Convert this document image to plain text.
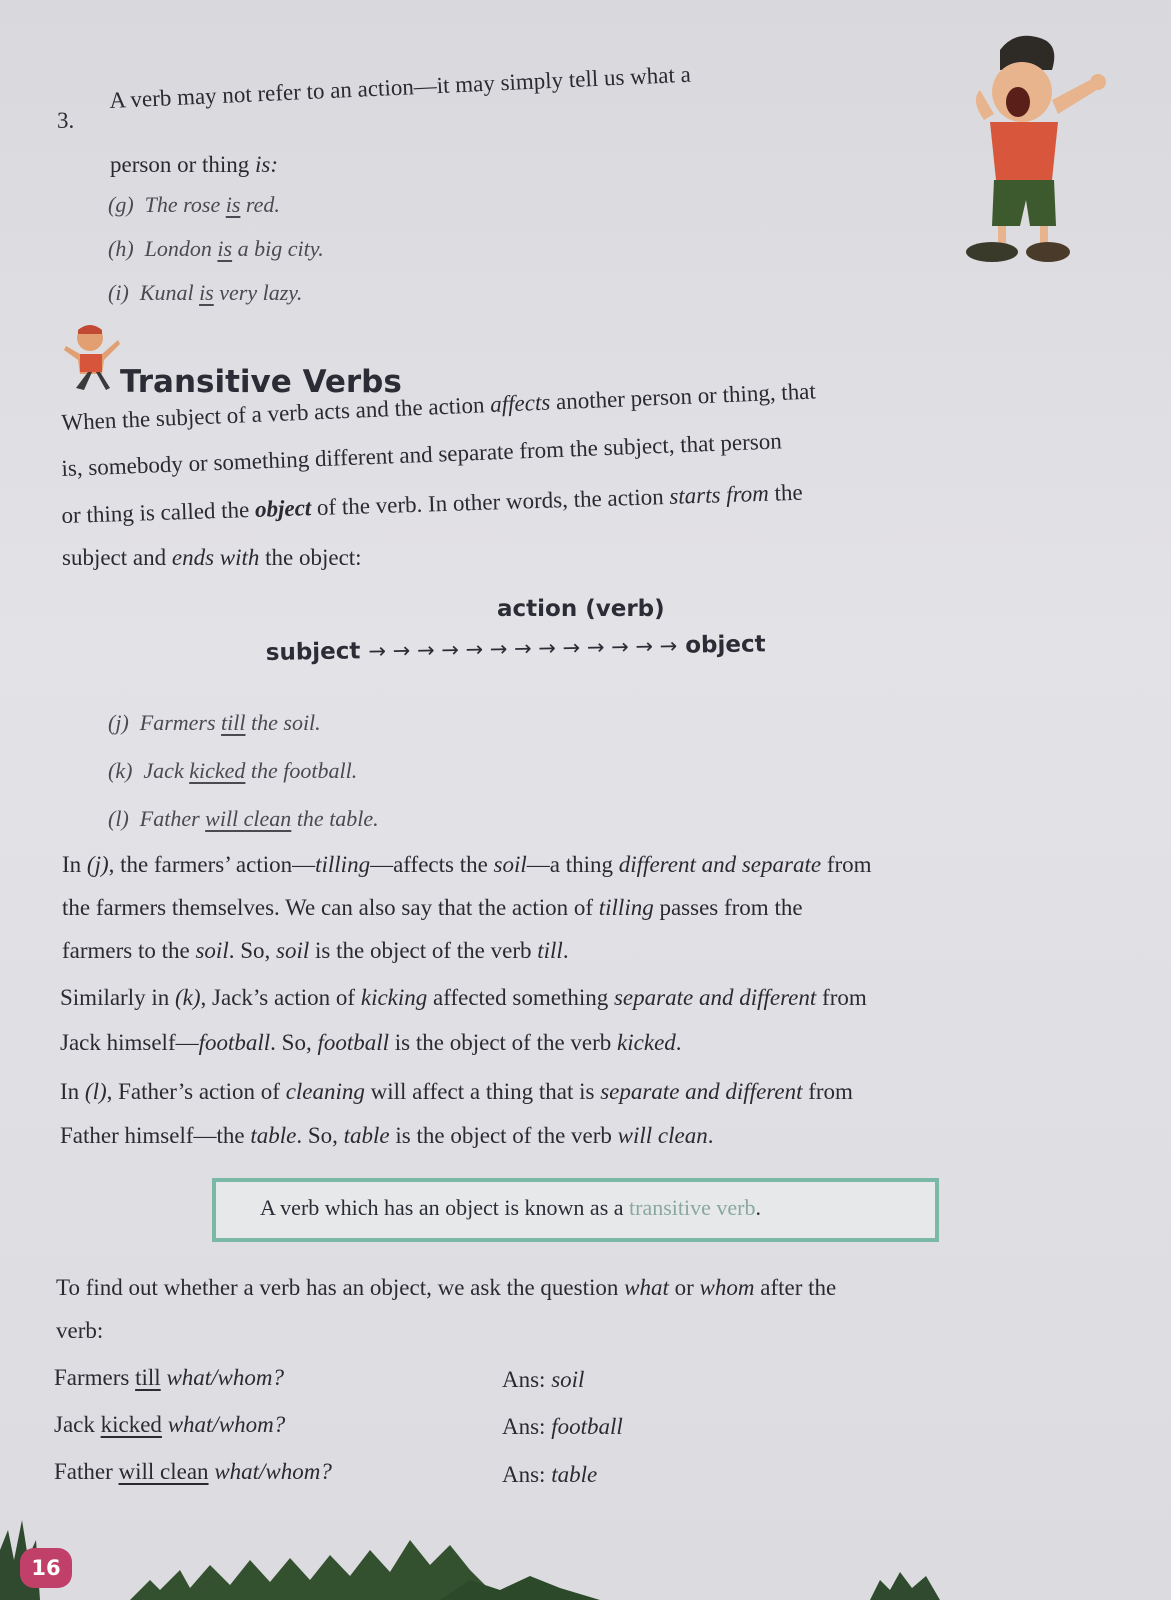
3.
A verb may not refer to an action—it may simply tell us what a
person or thing is:
(g) The rose is red.
(h) London is a big city.
(i) Kunal is very lazy.
Transitive Verbs
When the subject of a verb acts and the action affects another person or thing, that
is, somebody or something different and separate from the subject, that person
or thing is called the object of the verb. In other words, the action starts from the
subject and ends with the object:
action (verb)
subject → → → → → → → → → → → → → object
(j) Farmers till the soil.
(k) Jack kicked the football.
(l) Father will clean the table.
In (j), the farmers’ action—tilling—affects the soil—a thing different and separate from
the farmers themselves. We can also say that the action of tilling passes from the
farmers to the soil. So, soil is the object of the verb till.
Similarly in (k), Jack’s action of kicking affected something separate and different from
Jack himself—football. So, football is the object of the verb kicked.
In (l), Father’s action of cleaning will affect a thing that is separate and different from
Father himself—the table. So, table is the object of the verb will clean.
A verb which has an object is known as a transitive verb.
To find out whether a verb has an object, we ask the question what or whom after the
verb:
Farmers till what/whom?	Ans: soil
Jack kicked what/whom?	Ans: football
Father will clean what/whom?	Ans: table
16
